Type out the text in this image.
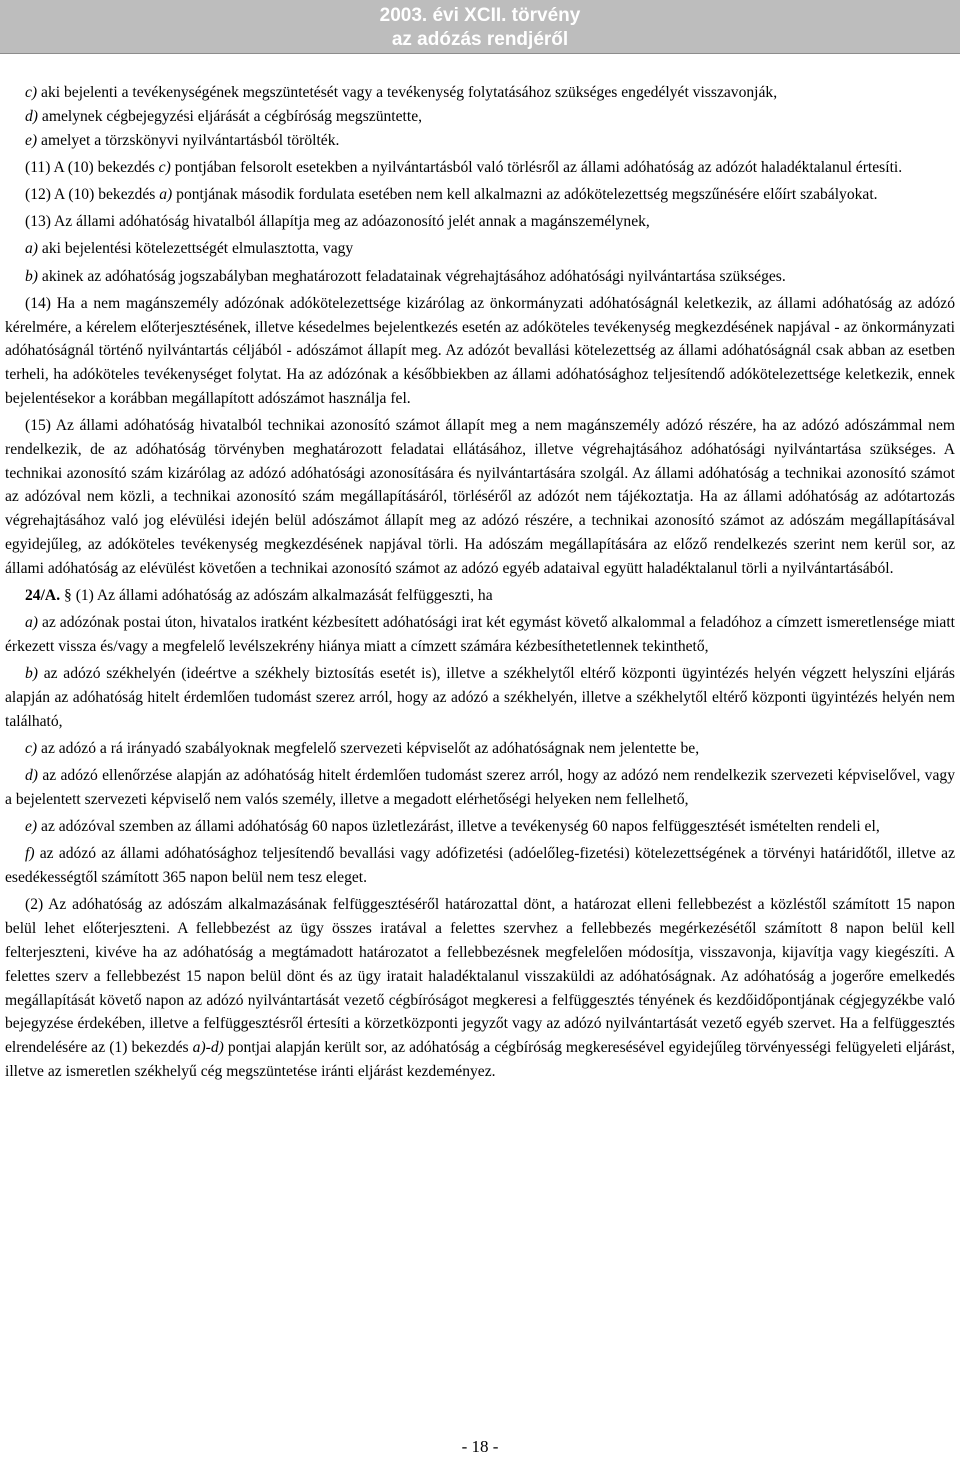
2003. évi XCII. törvény
az adózás rendjéről

c) aki bejelenti a tevékenységének megszüntetését vagy a tevékenység folytatásához szükséges engedélyét visszavonják,

d) amelynek cégbejegyzési eljárását a cégbíróság megszüntette,

e) amelyet a törzskönyvi nyilvántartásból törölték.

(11) A (10) bekezdés c) pontjában felsorolt esetekben a nyilvántartásból való törlésről az állami adóhatóság az adózót haladéktalanul értesíti.

(12) A (10) bekezdés a) pontjának második fordulata esetében nem kell alkalmazni az adókötelezettség megszűnésére előírt szabályokat.

(13) Az állami adóhatóság hivatalból állapítja meg az adóazonosító jelét annak a magánszemélynek,

a) aki bejelentési kötelezettségét elmulasztotta, vagy

b) akinek az adóhatóság jogszabályban meghatározott feladatainak végrehajtásához adóhatósági nyilvántartása szükséges.

(14) Ha a nem magánszemély adózónak adókötelezettsége kizárólag az önkormányzati adóhatóságnál keletkezik, az állami adóhatóság az adózó kérelmére, a kérelem előterjesztésének, illetve késedelmes bejelentkezés esetén az adóköteles tevékenység megkezdésének napjával - az önkormányzati adóhatóságnál történő nyilvántartás céljából - adószámot állapít meg. Az adózót bevallási kötelezettség az állami adóhatóságnál csak abban az esetben terheli, ha adóköteles tevékenységet folytat. Ha az adózónak a későbbiekben az állami adóhatósághoz teljesítendő adókötelezettsége keletkezik, ennek bejelentésekor a korábban megállapított adószámot használja fel.

(15) Az állami adóhatóság hivatalból technikai azonosító számot állapít meg a nem magánszemély adózó részére, ha az adózó adószámmal nem rendelkezik, de az adóhatóság törvényben meghatározott feladatai ellátásához, illetve végrehajtásához adóhatósági nyilvántartása szükséges. A technikai azonosító szám kizárólag az adózó adóhatósági azonosítására és nyilvántartására szolgál. Az állami adóhatóság a technikai azonosító számot az adózóval nem közli, a technikai azonosító szám megállapításáról, törléséről az adózót nem tájékoztatja. Ha az állami adóhatóság az adótartozás végrehajtásához való jog elévülési idején belül adószámot állapít meg az adózó részére, a technikai azonosító számot az adószám megállapításával egyidejűleg, az adóköteles tevékenység megkezdésének napjával törli. Ha adószám megállapítására az előző rendelkezés szerint nem kerül sor, az állami adóhatóság az elévülést követően a technikai azonosító számot az adózó egyéb adataival együtt haladéktalanul törli a nyilvántartásából.

24/A. § (1) Az állami adóhatóság az adószám alkalmazását felfüggeszti, ha

a) az adózónak postai úton, hivatalos iratként kézbesített adóhatósági irat két egymást követő alkalommal a feladóhoz a címzett ismeretlensége miatt érkezett vissza és/vagy a megfelelő levélszekrény hiánya miatt a címzett számára kézbesíthetetlennek tekinthető,

b) az adózó székhelyén (ideértve a székhely biztosítás esetét is), illetve a székhelytől eltérő központi ügyintézés helyén végzett helyszíni eljárás alapján az adóhatóság hitelt érdemlően tudomást szerez arról, hogy az adózó a székhelyén, illetve a székhelytől eltérő központi ügyintézés helyén nem található,

c) az adózó a rá irányadó szabályoknak megfelelő szervezeti képviselőt az adóhatóságnak nem jelentette be,

d) az adózó ellenőrzése alapján az adóhatóság hitelt érdemlően tudomást szerez arról, hogy az adózó nem rendelkezik szervezeti képviselővel, vagy a bejelentett szervezeti képviselő nem valós személy, illetve a megadott elérhetőségi helyeken nem fellelhető,

e) az adózóval szemben az állami adóhatóság 60 napos üzletlezárást, illetve a tevékenység 60 napos felfüggesztését ismételten rendeli el,

f) az adózó az állami adóhatósághoz teljesítendő bevallási vagy adófizetési (adóelőleg-fizetési) kötelezettségének a törvényi határidőtől, illetve az esedékességtől számított 365 napon belül nem tesz eleget.

(2) Az adóhatóság az adószám alkalmazásának felfüggesztéséről határozattal dönt, a határozat elleni fellebbezést a közléstől számított 15 napon belül lehet előterjeszteni. A fellebbezést az ügy összes iratával a felettes szervhez a fellebbezés megérkezésétől számított 8 napon belül kell felterjeszteni, kivéve ha az adóhatóság a megtámadott határozatot a fellebbezésnek megfelelően módosítja, visszavonja, kijavítja vagy kiegészíti. A felettes szerv a fellebbezést 15 napon belül dönt és az ügy iratait haladéktalanul visszaküldi az adóhatóságnak. Az adóhatóság a jogerőre emelkedés megállapítását követő napon az adózó nyilvántartását vezető cégbíróságot megkeresi a felfüggesztés tényének és kezdőidőpontjának cégjegyzékbe való bejegyzése érdekében, illetve a felfüggesztésről értesíti a körzetközponti jegyzőt vagy az adózó nyilvántartását vezető egyéb szervet. Ha a felfüggesztés elrendelésére az (1) bekezdés a)-d) pontjai alapján került sor, az adóhatóság a cégbíróság megkeresésével egyidejűleg törvényességi felügyeleti eljárást, illetve az ismeretlen székhelyű cég megszüntetése iránti eljárást kezdeményez.

- 18 -
